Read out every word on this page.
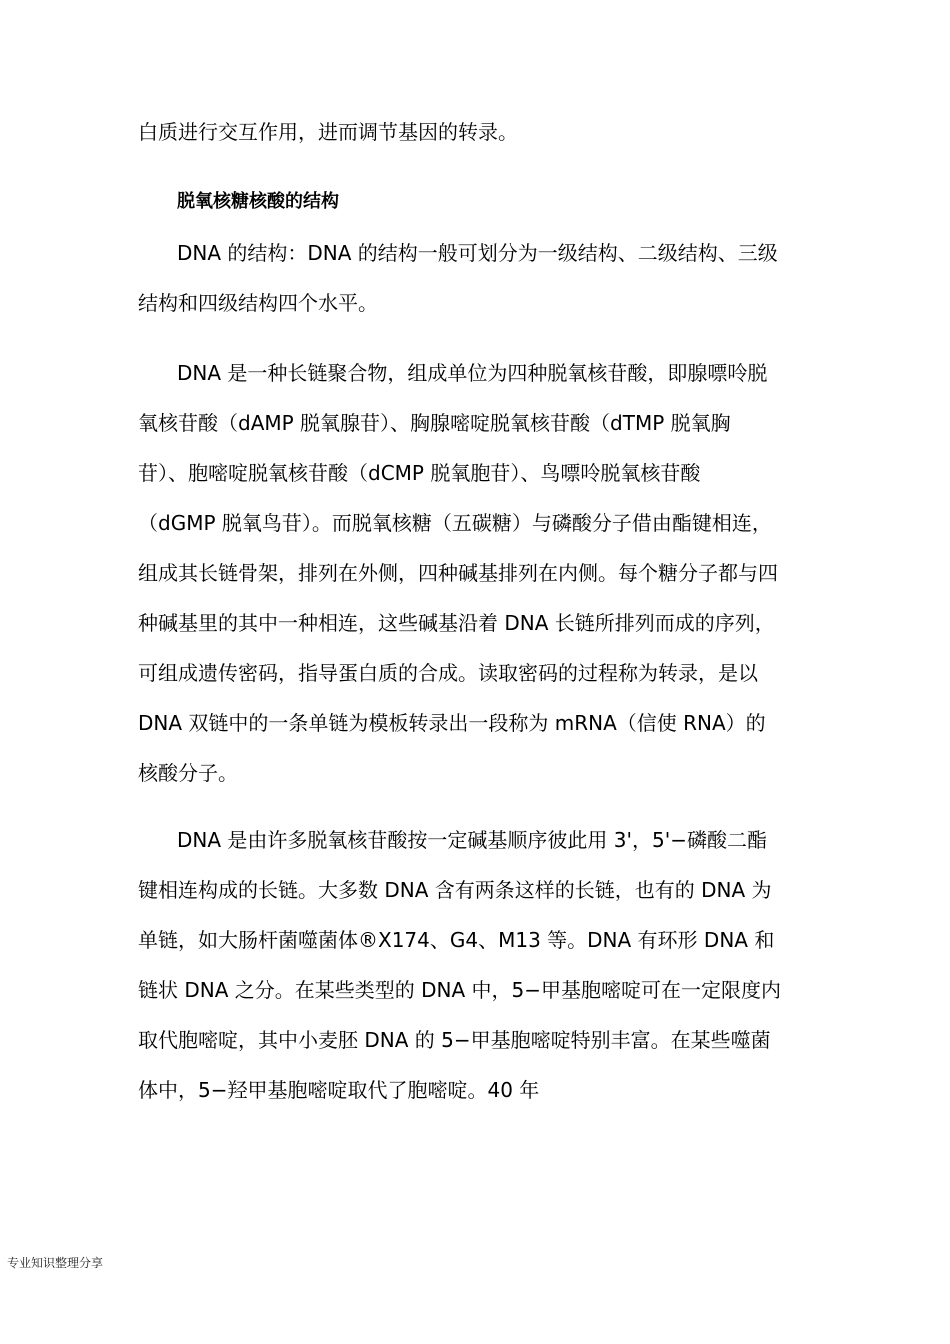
白质进行交互作用，进而调节基因的转录。
脱氧核糖核酸的结构
DNA 的结构：DNA 的结构一般可划分为一级结构、二级结构、三级
结构和四级结构四个水平。
DNA 是一种长链聚合物，组成单位为四种脱氧核苷酸，即腺嘌呤脱
氧核苷酸（dAMP 脱氧腺苷）、胸腺嘧啶脱氧核苷酸（dTMP 脱氧胸
苷）、胞嘧啶脱氧核苷酸（dCMP 脱氧胞苷）、鸟嘌呤脱氧核苷酸
（dGMP 脱氧鸟苷）。而脱氧核糖（五碳糖）与磷酸分子借由酯键相连，
组成其长链骨架，排列在外侧，四种碱基排列在内侧。每个糖分子都与四
种碱基里的其中一种相连，这些碱基沿着 DNA 长链所排列而成的序列，
可组成遗传密码，指导蛋白质的合成。读取密码的过程称为转录，是以
DNA 双链中的一条单链为模板转录出一段称为 mRNA（信使 RNA）的
核酸分子。
DNA 是由许多脱氧核苷酸按一定碱基顺序彼此用 3'，5'−磷酸二酯
键相连构成的长链。大多数 DNA 含有两条这样的长链，也有的 DNA 为
单链，如大肠杆菌噬菌体®X174、G4、M13 等。DNA 有环形 DNA 和
链状 DNA 之分。在某些类型的 DNA 中，5−甲基胞嘧啶可在一定限度内
取代胞嘧啶，其中小麦胚 DNA 的 5−甲基胞嘧啶特别丰富。在某些噬菌
体中，5−羟甲基胞嘧啶取代了胞嘧啶。40 年
专业知识整理分享
